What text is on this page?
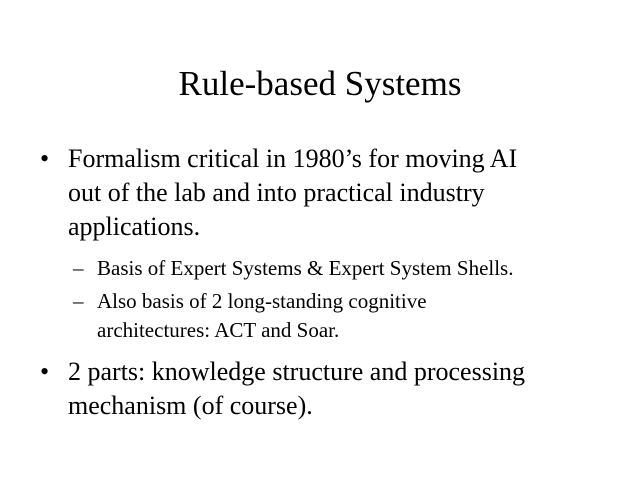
Rule-based Systems
• Formalism critical in 1980’s for moving AI
out of the lab and into practical industry
applications.
– Basis of Expert Systems & Expert System Shells.
– Also basis of 2 long-standing cognitive
architectures: ACT and Soar.
• 2 parts: knowledge structure and processing
mechanism (of course).
